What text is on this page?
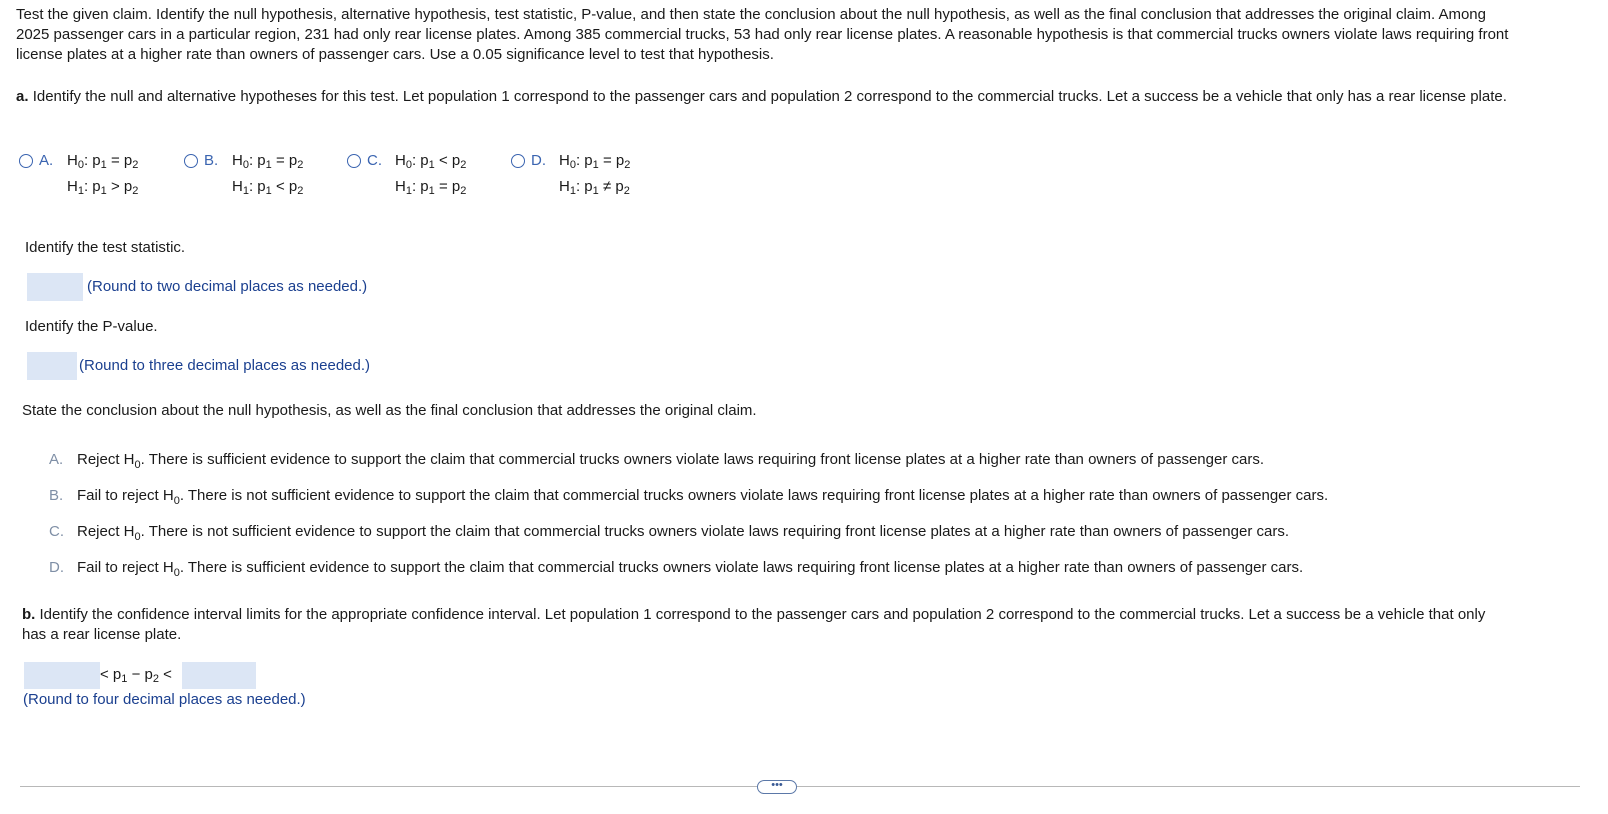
Test the given claim. Identify the null hypothesis, alternative hypothesis, test statistic, P-value, and then state the conclusion about the null hypothesis, as well as the final conclusion that addresses the original claim. Among 2025 passenger cars in a particular region, 231 had only rear license plates. Among 385 commercial trucks, 53 had only rear license plates. A reasonable hypothesis is that commercial trucks owners violate laws requiring front license plates at a higher rate than owners of passenger cars. Use a 0.05 significance level to test that hypothesis.
a. Identify the null and alternative hypotheses for this test. Let population 1 correspond to the passenger cars and population 2 correspond to the commercial trucks. Let a success be a vehicle that only has a rear license plate.
A. $H_0$: $p_1 = p_2$
$H_1$: $p_1 > p_2$
B. $H_0$: $p_1 = p_2$
$H_1$: $p_1 < p_2$
C. $H_0$: $p_1 < p_2$
$H_1$: $p_1 = p_2$
D. $H_0$: $p_1 = p_2$
$H_1$: $p_1 \ne p_2$
Identify the test statistic.
(Round to two decimal places as needed.)
Identify the P-value.
(Round to three decimal places as needed.)
State the conclusion about the null hypothesis, as well as the final conclusion that addresses the original claim.
A. Reject $H_0$. There is sufficient evidence to support the claim that commercial trucks owners violate laws requiring front license plates at a higher rate than owners of passenger cars.
B. Fail to reject $H_0$. There is not sufficient evidence to support the claim that commercial trucks owners violate laws requiring front license plates at a higher rate than owners of passenger cars.
C. Reject $H_0$. There is not sufficient evidence to support the claim that commercial trucks owners violate laws requiring front license plates at a higher rate than owners of passenger cars.
D. Fail to reject $H_0$. There is sufficient evidence to support the claim that commercial trucks owners violate laws requiring front license plates at a higher rate than owners of passenger cars.
b. Identify the confidence interval limits for the appropriate confidence interval. Let population 1 correspond to the passenger cars and population 2 correspond to the commercial trucks. Let a success be a vehicle that only has a rear license plate.
< $p_1 - p_2$ <
(Round to four decimal places as needed.)
•••
